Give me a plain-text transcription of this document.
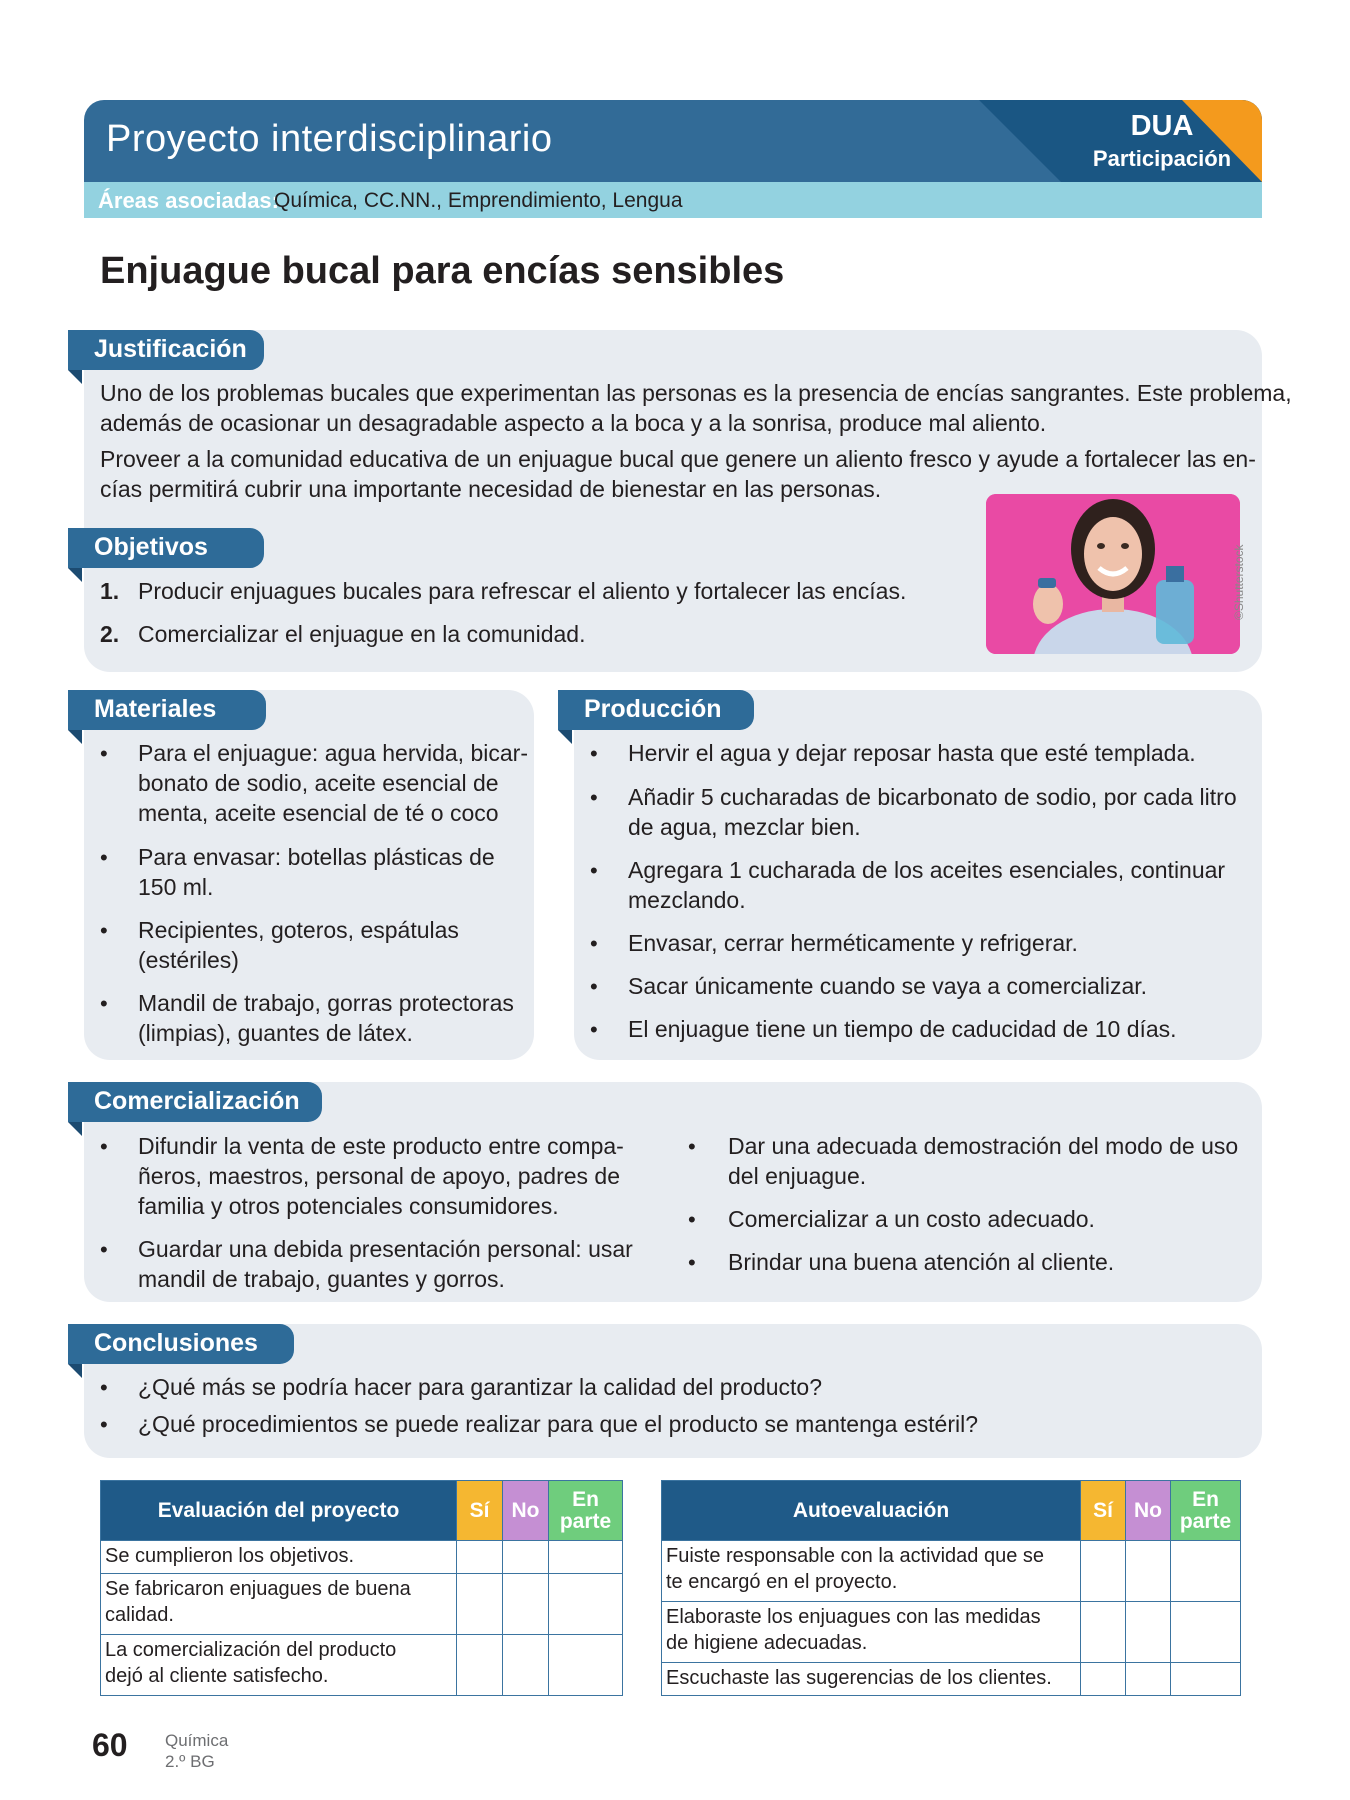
Proyecto interdisciplinario	DUA
Participación
Áreas asociadas:
Química, CC.NN., Emprendimiento, Lengua
Enjuague bucal para encías sensibles
Justificación
Uno de los problemas bucales que experimentan las personas es la presencia de encías sangrantes. Este problema,
además de ocasionar un desagradable aspecto a la boca y a la sonrisa, produce mal aliento.
Proveer a la comunidad educativa de un enjuague bucal que genere un aliento fresco y ayude a fortalecer las en-
cías permitirá cubrir una importante necesidad de bienestar en las personas.
Objetivos
1. Producir enjuagues bucales para refrescar el aliento y fortalecer las encías.
2. Comercializar el enjuague en la comunidad.
©Shutterstock
Materiales
• Para el enjuague: agua hervida, bicar-
bonato de sodio, aceite esencial de
menta, aceite esencial de té o coco
• Para envasar: botellas plásticas de
150 ml.
• Recipientes, goteros, espátulas
(estériles)
• Mandil de trabajo, gorras protectoras
(limpias), guantes de látex.
Producción
• Hervir el agua y dejar reposar hasta que esté templada.
• Añadir 5 cucharadas de bicarbonato de sodio, por cada litro
de agua, mezclar bien.
• Agregara 1 cucharada de los aceites esenciales, continuar
mezclando.
• Envasar, cerrar herméticamente y refrigerar.
• Sacar únicamente cuando se vaya a comercializar.
• El enjuague tiene un tiempo de caducidad de 10 días.
Comercialización
• Difundir la venta de este producto entre compa-
ñeros, maestros, personal de apoyo, padres de
familia y otros potenciales consumidores.
• Guardar una debida presentación personal: usar
mandil de trabajo, guantes y gorros.
• Dar una adecuada demostración del modo de uso
del enjuague.
• Comercializar a un costo adecuado.
• Brindar una buena atención al cliente.
Conclusiones
• ¿Qué más se podría hacer para garantizar la calidad del producto?
• ¿Qué procedimientos se puede realizar para que el producto se mantenga estéril?
Evaluación del proyecto	Sí	No	En
parte
Se cumplieron los objetivos.			
Se fabricaron enjuagues de buena
calidad.			
La comercialización del producto
dejó al cliente satisfecho.			
Autoevaluación	Sí	No	En
parte
Fuiste responsable con la actividad que se
te encargó en el proyecto.			
Elaboraste los enjuagues con las medidas
de higiene adecuadas.			
Escuchaste las sugerencias de los clientes.			
60 Química
2.º BG
